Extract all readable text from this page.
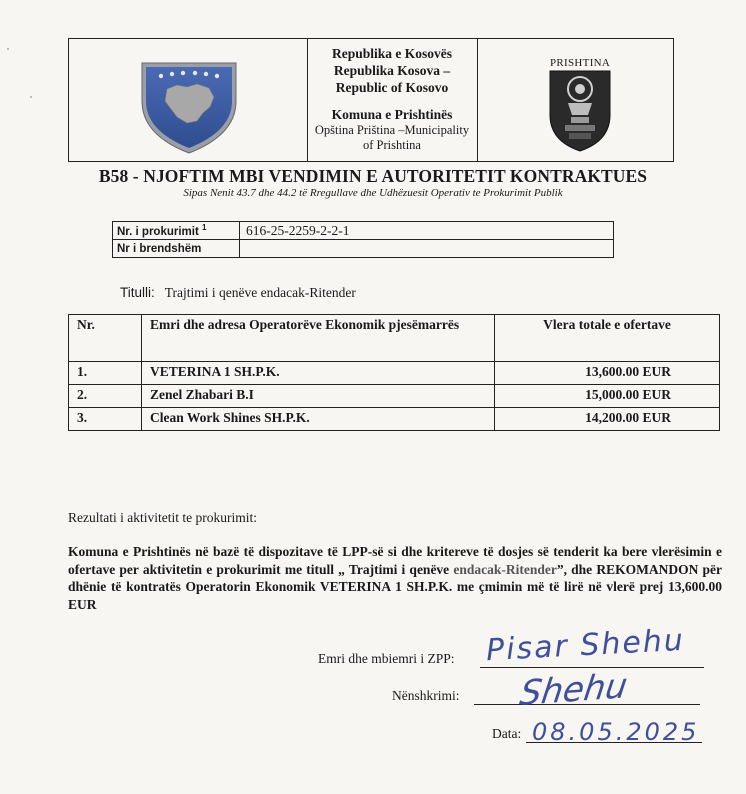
Republika e Kosovës
Republika Kosova –
Republic of Kosovo
Komuna e Prishtinës
Opština Priština –Municipality
of Prishtina
PRISHTINA
B58 - NJOFTIM MBI VENDIMIN E AUTORITETIT KONTRAKTUES
Sipas Nenit 43.7 dhe 44.2 të Rregullave dhe Udhëzuesit Operativ te Prokurimit Publik
Nr. i prokurimit $^1$	616-25-2259-2-2-1
Nr i brendshëm	
Titulli: Trajtimi i qenëve endacak-Ritender
Nr.	Emri dhe adresa Operatorëve Ekonomik pjesëmarrës	Vlera totale e ofertave
1.	VETERINA 1 SH.P.K.	13,600.00 EUR
2.	Zenel Zhabari B.I	15,000.00 EUR
3.	Clean Work Shines SH.P.K.	14,200.00 EUR
Rezultati i aktivitetit te prokurimit:
Komuna e Prishtinës në bazë të dispozitave të LPP-së si dhe kritereve të dosjes së tenderit ka bere vlerësimin e ofertave per aktivitetin e prokurimit me titull „ Trajtimi i qenëve endacak-Ritender”, dhe REKOMANDON për dhënie të kontratës Operatorin Ekonomik VETERINA 1 SH.P.K. me çmimin më të lirë në vlerë prej 13,600.00 EUR
Emri dhe mbiemri i ZPP: Pisar Shehu
Nënshkrimi: Shehu
Data: 08.05.2025
